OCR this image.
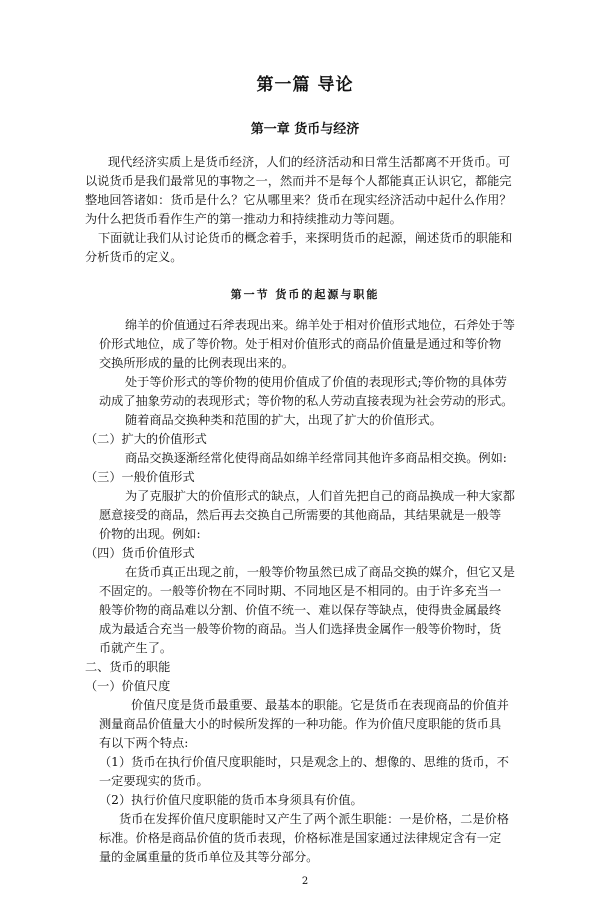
第一篇 导论
第一章 货币与经济
现代经济实质上是货币经济，人们的经济活动和日常生活都离不开货币。可
以说货币是我们最常见的事物之一，然而并不是每个人都能真正认识它，都能完
整地回答诸如：货币是什么？它从哪里来？货币在现实经济活动中起什么作用？
为什么把货币看作生产的第一推动力和持续推动力等问题。
下面就让我们从讨论货币的概念着手，来探明货币的起源，阐述货币的职能和
分析货币的定义。
第一节 货币的起源与职能
绵羊的价值通过石斧表现出来。绵羊处于相对价值形式地位，石斧处于等
价形式地位，成了等价物。处于相对价值形式的商品价值量是通过和等价物
交换所形成的量的比例表现出来的。
处于等价形式的等价物的使用价值成了价值的表现形式;等价物的具体劳
动成了抽象劳动的表现形式；等价物的私人劳动直接表现为社会劳动的形式。
随着商品交换种类和范围的扩大，出现了扩大的价值形式。
（二）扩大的价值形式
商品交换逐渐经常化使得商品如绵羊经常同其他许多商品相交换。例如:
（三）一般价值形式
为了克服扩大的价值形式的缺点，人们首先把自己的商品换成一种大家都
愿意接受的商品，然后再去交换自己所需要的其他商品，其结果就是一般等
价物的出现。例如:
（四）货币价值形式
在货币真正出现之前，一般等价物虽然已成了商品交换的媒介，但它又是
不固定的。一般等价物在不同时期、不同地区是不相同的。由于许多充当一
般等价物的商品难以分割、价值不统一、难以保存等缺点，使得贵金属最终
成为最适合充当一般等价物的商品。当人们选择贵金属作一般等价物时，货
币就产生了。
二、货币的职能
（一）价值尺度
价值尺度是货币最重要、最基本的职能。它是货币在表现商品的价值并
测量商品价值量大小的时候所发挥的一种功能。作为价值尺度职能的货币具
有以下两个特点:
（1）货币在执行价值尺度职能时，只是观念上的、想像的、思维的货币，不
一定要现实的货币。
（2）执行价值尺度职能的货币本身须具有价值。
货币在发挥价值尺度职能时又产生了两个派生职能：一是价格，二是价格
标准。价格是商品价值的货币表现，价格标准是国家通过法律规定含有一定
量的金属重量的货币单位及其等分部分。
2
